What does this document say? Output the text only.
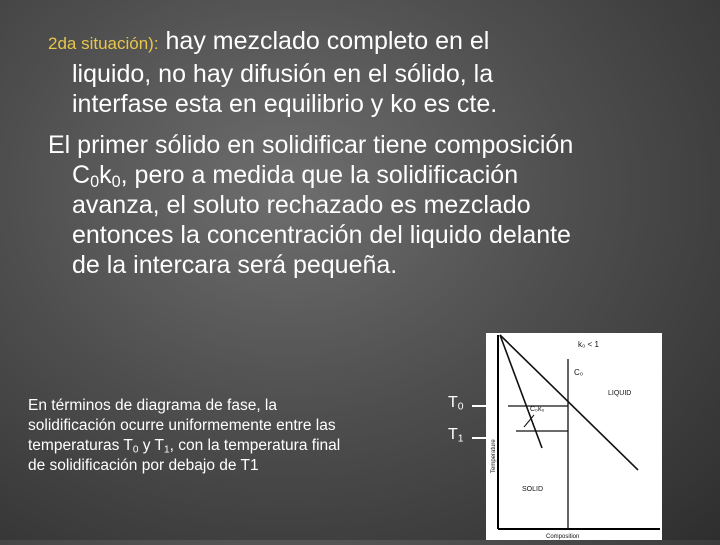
2da situación): hay mezclado completo en el
liquido, no hay difusión en el sólido, la
interfase esta en equilibrio y ko es cte.
El primer sólido en solidificar tiene composición
$C_0k_0$, pero a medida que la solidificación
avanza, el soluto rechazado es mezclado
entonces la concentración del liquido delante
de la intercara será pequeña.
En términos de diagrama de fase, la
solidificación ocurre uniformemente entre las
temperaturas $T_0$ y $T_1$, con la temperatura final
de solidificación por debajo de T1
$T_0$
$T_1$
k₀ < 1
C₀
C₀k₀
LIQUID
SOLID
Composition
Temperature
